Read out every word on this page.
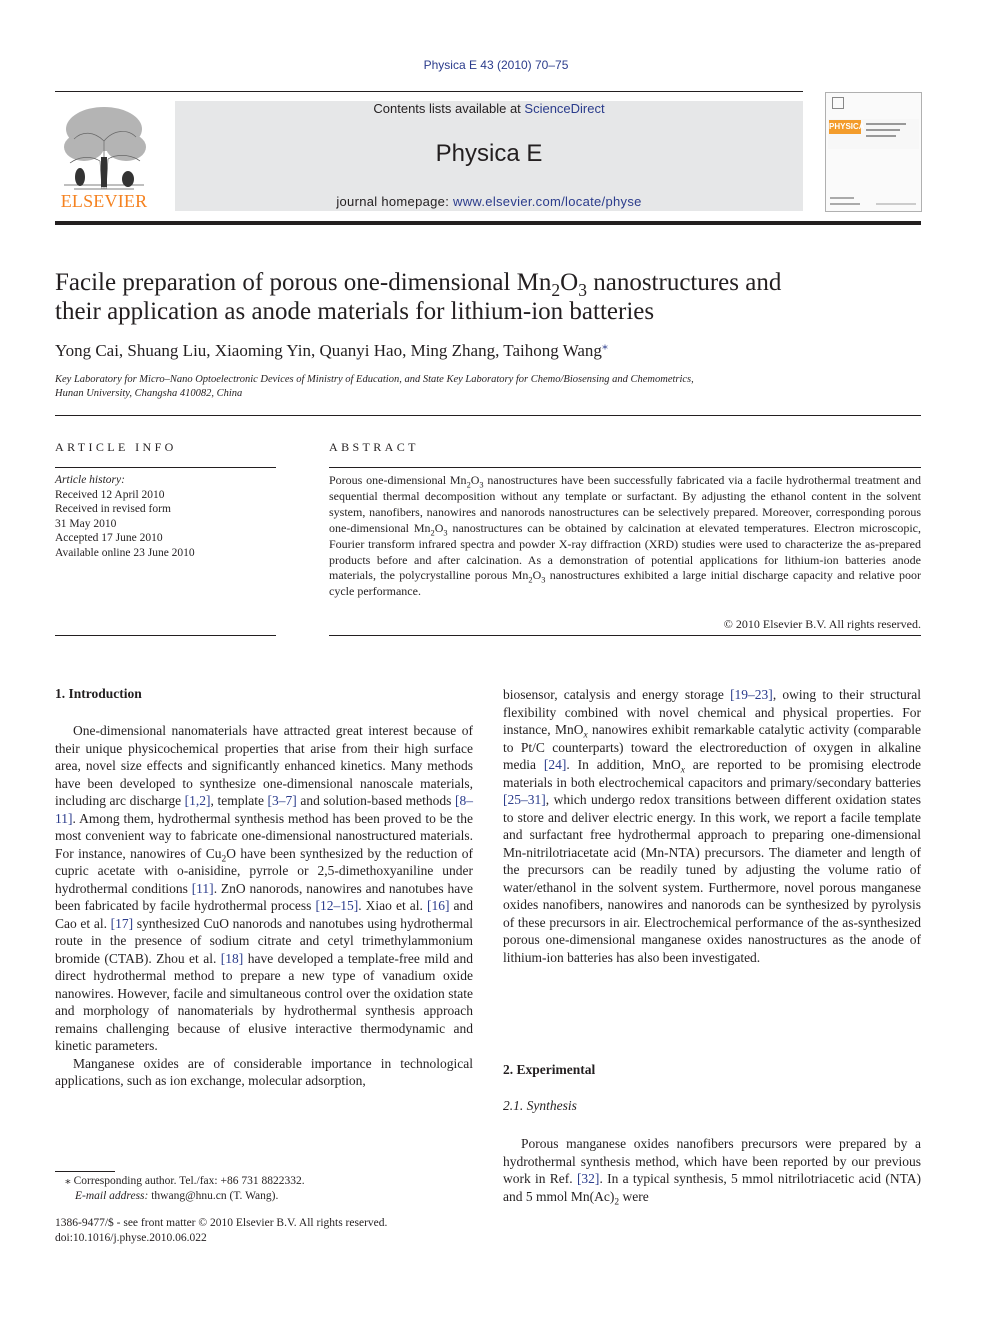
Physica E 43 (2010) 70–75
ELSEVIER
Contents lists available at ScienceDirect
Physica E
journal homepage: www.elsevier.com/locate/physe
PHYSICA
Facile preparation of porous one-dimensional $Mn_2O_3$ nanostructures and
their application as anode materials for lithium-ion batteries
Yong Cai, Shuang Liu, Xiaoming Yin, Quanyi Hao, Ming Zhang, Taihong Wang⁎
Key Laboratory for Micro–Nano Optoelectronic Devices of Ministry of Education, and State Key Laboratory for Chemo/Biosensing and Chemometrics,
Hunan University, Changsha 410082, China
ARTICLE INFO	ABSTRACT
Article history:
Received 12 April 2010
Received in revised form
31 May 2010
Accepted 17 June 2010
Available online 23 June 2010
Porous one-dimensional $Mn_2O_3$ nanostructures have been successfully fabricated via a facile hydrothermal treatment and sequential thermal decomposition without any template or surfactant. By adjusting the ethanol content in the solvent system, nanofibers, nanowires and nanorods nanostructures can be selectively prepared. Moreover, corresponding porous one-dimensional $Mn_2O_3$ nanostructures can be obtained by calcination at elevated temperatures. Electron microscopic, Fourier transform infrared spectra and powder X-ray diffraction (XRD) studies were used to characterize the as-prepared products before and after calcination. As a demonstration of potential applications for lithium-ion batteries anode materials, the polycrystalline porous $Mn_2O_3$ nanostructures exhibited a large initial discharge capacity and relative poor cycle performance.
© 2010 Elsevier B.V. All rights reserved.
1. Introduction

One-dimensional nanomaterials have attracted great interest because of their unique physicochemical properties that arise from their high surface area, novel size effects and significantly enhanced kinetics. Many methods have been developed to synthesize one-dimensional nanoscale materials, including arc discharge [1,2], template [3–7] and solution-based methods [8–11]. Among them, hydrothermal synthesis method has been proved to be the most convenient way to fabricate one-dimensional nanostructured materials. For instance, nanowires of $Cu_2O$ have been synthesized by the reduction of cupric acetate with o-anisidine, pyrrole or 2,5-dimethoxyaniline under hydrothermal conditions [11]. ZnO nanorods, nanowires and nanotubes have been fabricated by facile hydrothermal process [12–15]. Xiao et al. [16] and Cao et al. [17] synthesized CuO nanorods and nanotubes using hydrothermal route in the presence of sodium citrate and cetyl trimethylammonium bromide (CTAB). Zhou et al. [18] have developed a template-free mild and direct hydrothermal method to prepare a new type of vanadium oxide nanowires. However, facile and simultaneous control over the oxidation state and morphology of nanomaterials by hydrothermal synthesis approach remains challenging because of elusive interactive thermodynamic and kinetic parameters.

Manganese oxides are of considerable importance in technological applications, such as ion exchange, molecular adsorption,

biosensor, catalysis and energy storage [19–23], owing to their structural flexibility combined with novel chemical and physical properties. For instance, MnO$_x$ nanowires exhibit remarkable catalytic activity (comparable to Pt/C counterparts) toward the electroreduction of oxygen in alkaline media [24]. In addition, MnO$_x$ are reported to be promising electrode materials in both electrochemical capacitors and primary/secondary batteries [25–31], which undergo redox transitions between different oxidation states to store and deliver electric energy. In this work, we report a facile template and surfactant free hydrothermal approach to preparing one-dimensional Mn-nitrilotriacetate acid (Mn-NTA) precursors. The diameter and length of the precursors can be readily tuned by adjusting the volume ratio of water/ethanol in the solvent system. Furthermore, novel porous manganese oxides nanofibers, nanowires and nanorods can be synthesized by pyrolysis of these precursors in air. Electrochemical performance of the as-synthesized porous one-dimensional manganese oxides nanostructures as the anode of lithium-ion batteries has also been investigated.

2. Experimental
2.1. Synthesis

Porous manganese oxides nanofibers precursors were prepared by a hydrothermal synthesis method, which have been reported by our previous work in Ref. [32]. In a typical synthesis, 5 mmol nitrilotriacetic acid (NTA) and 5 mmol $Mn(Ac)_2$ were

⁎ Corresponding author. Tel./fax: +86 731 8822332.
E-mail address: thwang@hnu.cn (T. Wang).
1386-9477/$ - see front matter © 2010 Elsevier B.V. All rights reserved.
doi:10.1016/j.physe.2010.06.022
